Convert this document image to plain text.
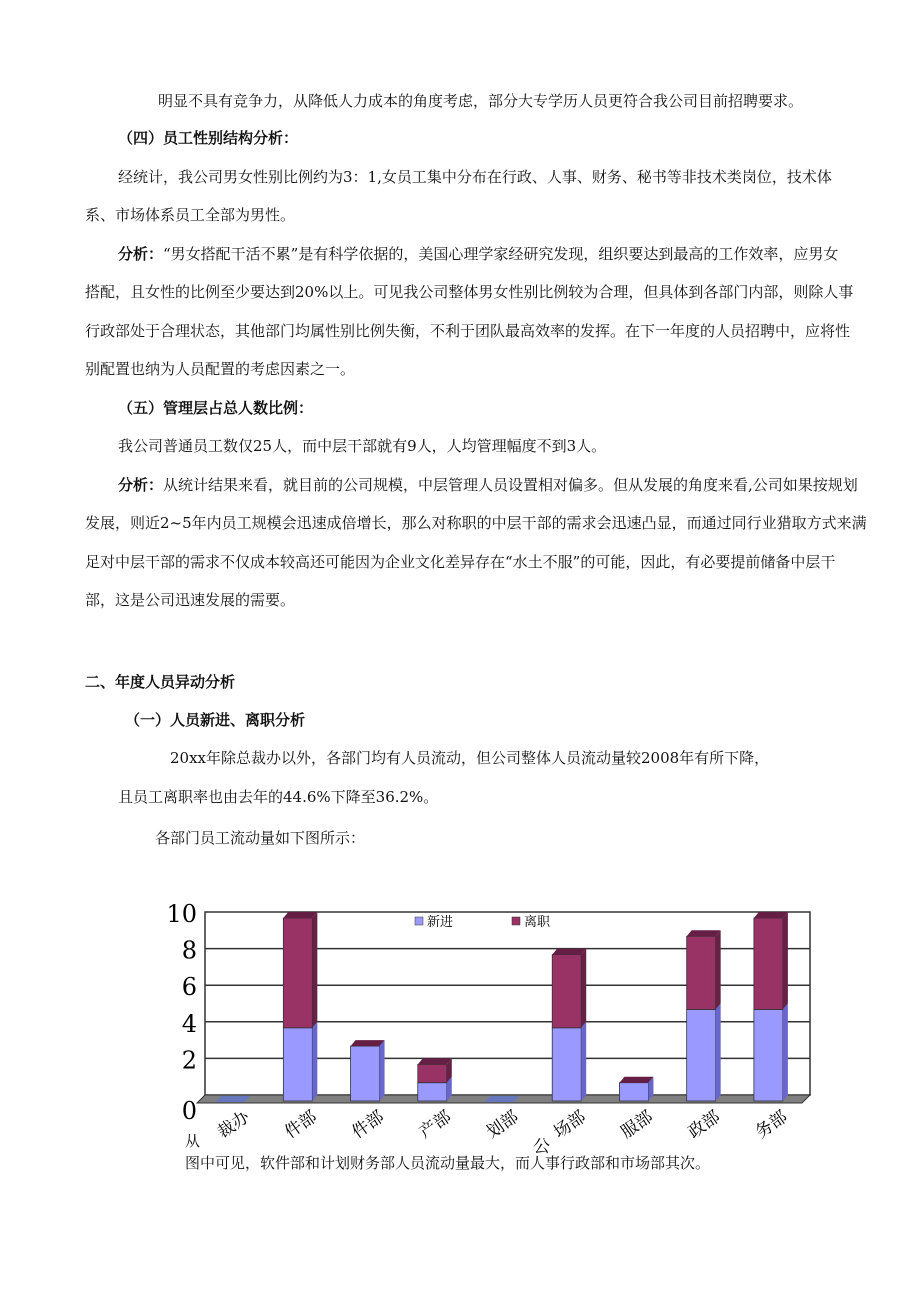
明显不具有竞争力，从降低人力成本的角度考虑，部分大专学历人员更符合我公司目前招聘要求。
（四）员工性别结构分析：
经统计，我公司男女性别比例约为3：1,女员工集中分布在行政、人事、财务、秘书等非技术类岗位，技术体
系、市场体系员工全部为男性。
分析：“男女搭配干活不累”是有科学依据的，美国心理学家经研究发现，组织要达到最高的工作效率，应男女
搭配，且女性的比例至少要达到20%以上。可见我公司整体男女性别比例较为合理，但具体到各部门内部，则除人事
行政部处于合理状态，其他部门均属性别比例失衡，不利于团队最高效率的发挥。在下一年度的人员招聘中，应将性
别配置也纳为人员配置的考虑因素之一。
（五）管理层占总人数比例：
我公司普通员工数仅25人，而中层干部就有9人，人均管理幅度不到3人。
分析：从统计结果来看，就目前的公司规模，中层管理人员设置相对偏多。但从发展的角度来看,公司如果按规划
发展，则近2~5年内员工规模会迅速成倍增长，那么对称职的中层干部的需求会迅速凸显，而通过同行业猎取方式来满
足对中层干部的需求不仅成本较高还可能因为企业文化差异存在“水土不服”的可能，因此，有必要提前储备中层干
部，这是公司迅速发展的需要。
二、年度人员异动分析
（一）人员新进、离职分析
20xx年除总裁办以外，各部门均有人员流动，但公司整体人员流动量较2008年有所下降，
且员工离职率也由去年的44.6%下降至36.2%。
各部门员工流动量如下图所示：
0
2
4
6
8
10
裁办 件部 件部 产部 划部 场部 服部 政部 务部
公
新进	离职
从
图中可见，软件部和计划财务部人员流动量最大，而人事行政部和市场部其次。
